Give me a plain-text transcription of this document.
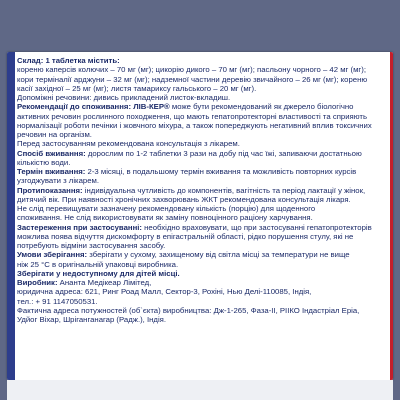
Склад: 1 таблетка містить:
кореню каперсів колючих – 70 мг (мг); цикорію дикого – 70 мг (мг); пасльону чорного – 42 мг (мг);
кори терміналії арджуни – 32 мг (мг); надземної частини деревію звичайного – 26 мг (мг); кореню
касії західної – 25 мг (мг); листя тамариксу гальського – 20 мг (мг).
Допоміжні речовини: дивись прикладений листок-вкладиш.
Рекомендації до споживання: ЛІВ-КЕР® може бути рекомендований як джерело біологічно
активних речовин рослинного походження, що мають гепатопротекторні властивості та сприяють
нормалізації роботи печінки і жовчного міхура, а також попереджують негативний вплив токсичних
речовин на організм.
Перед застосуванням рекомендована консультація з лікарем.
Спосіб вживання: дорослим по 1-2 таблетки 3 рази на добу під час їжі, запиваючи достатньою
кількістю води.
Термін вживання: 2-3 місяці, в подальшому термін вживання та можливість повторних курсів
узгоджувати з лікарем.
Протипоказання: індивідуальна чутливість до компонентів, вагітність та період лактації у жінок,
дитячий вік. При наявності хронічних захворювань ЖКТ рекомендована консультація лікаря.
Не слід перевищувати зазначену рекомендовану кількість (порцію) для щоденного
споживання. Не слід використовувати як заміну повноцінного раціону харчування.
Застереження при застосуванні: необхідно враховувати, що при застосуванні гепатопротекторів
можлива поява відчуття дискомфорту в епігастральній області, рідко порушення стулу, які не
потребують відміни застосування засобу.
Умови зберігання: зберігати у сухому, захищеному від світла місці за температури не вище
ніж 25 °С в оригінальній упаковці виробника.
Зберігати у недоступному для дітей місці.
Виробник: Ананта Медікеар Лімітед,
юридична адреса: 621, Ринг Роад Малл, Сектор-3, Рохіні, Нью Делі-110085, Індія,
тел.: + 91 1147050531.
Фактична адреса потужностей (об`єкта) виробництва: Дж-1-265, Фаза-ІІ, РІІКО Індастріал Еріа,
Удйог Віхар, Шріганганагар (Радж.), Індія.
